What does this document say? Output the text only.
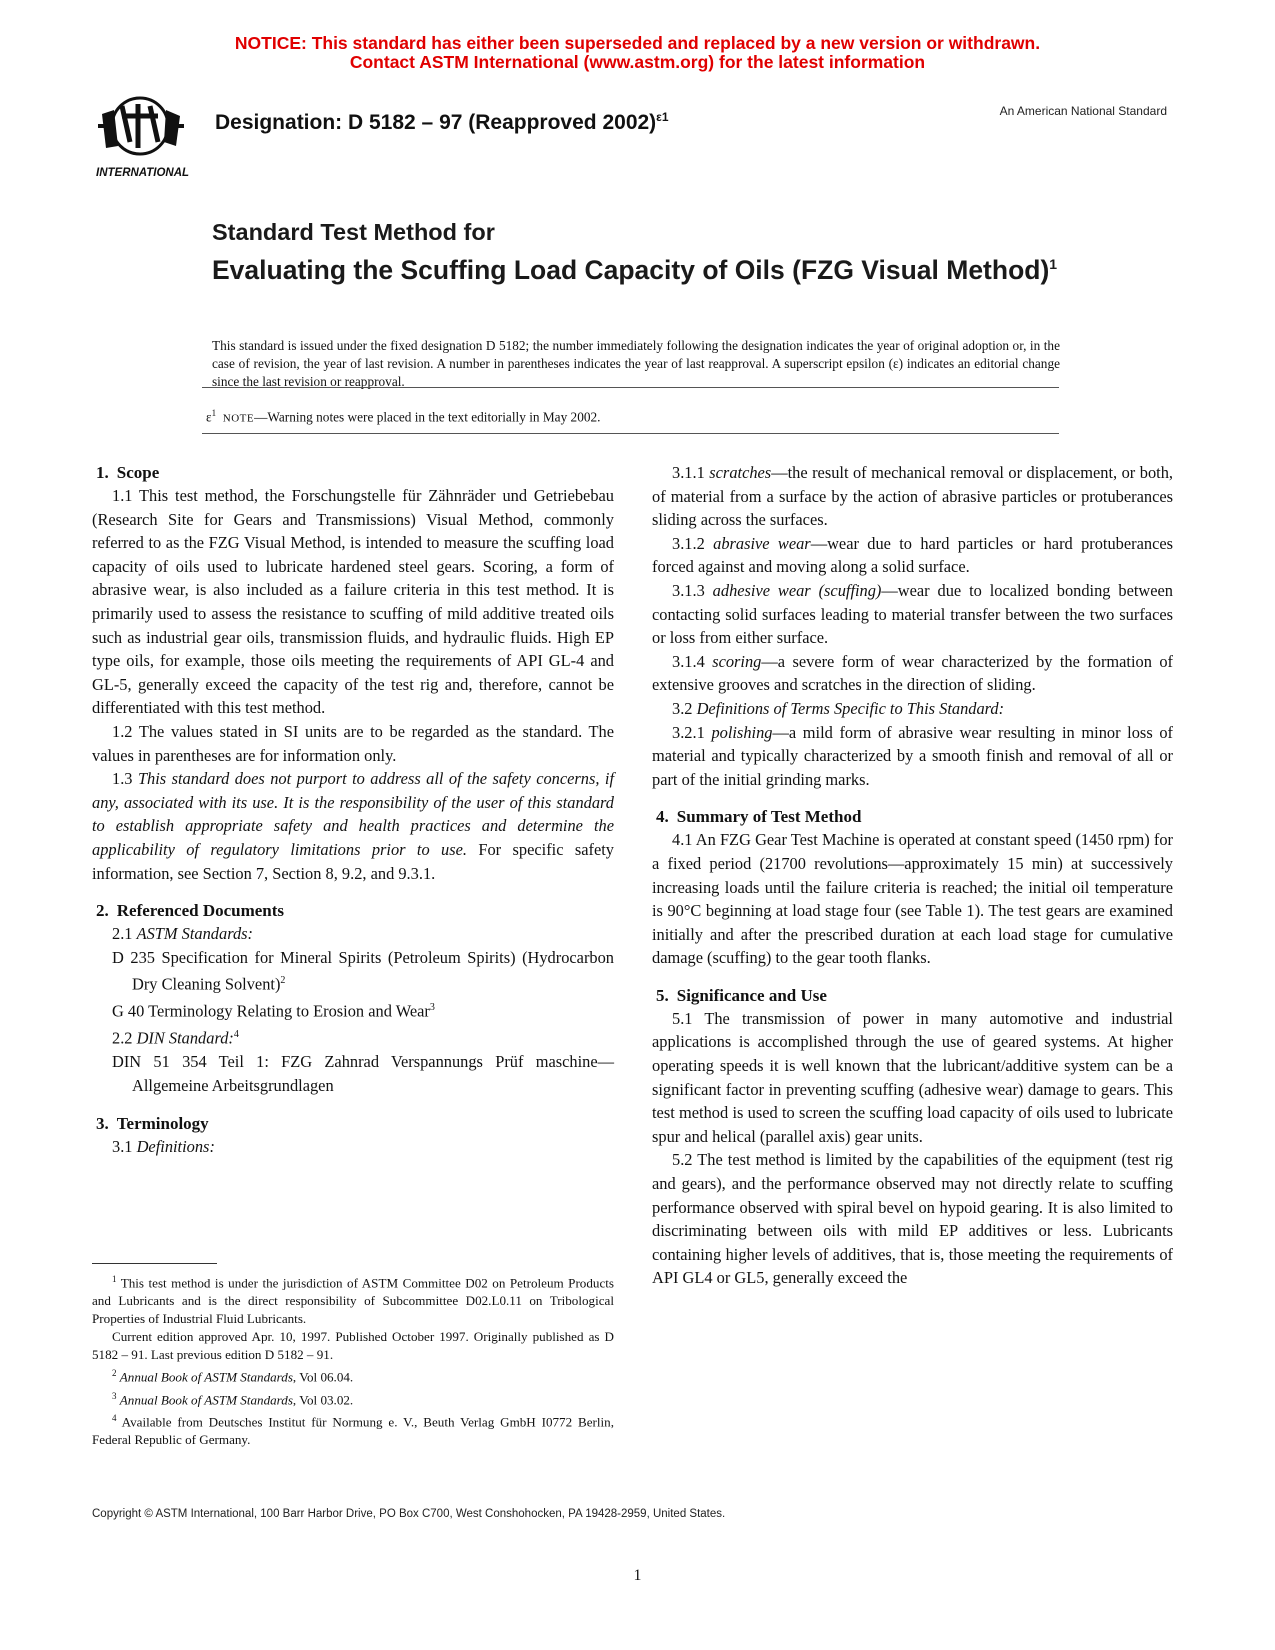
NOTICE: This standard has either been superseded and replaced by a new version or withdrawn.
Contact ASTM International (www.astm.org) for the latest information
INTERNATIONAL
Designation: D 5182 – 97 (Reapproved 2002)$^{\varepsilon 1}$	An American National Standard
Standard Test Method for
Evaluating the Scuffing Load Capacity of Oils (FZG Visual Method)$^1$
This standard is issued under the fixed designation D 5182; the number immediately following the designation indicates the year of original adoption or, in the case of revision, the year of last revision. A number in parentheses indicates the year of last reapproval. A superscript epsilon (ε) indicates an editorial change since the last revision or reapproval.
$\varepsilon^1$ NOTE—Warning notes were placed in the text editorially in May 2002.
1. Scope

1.1 This test method, the Forschungstelle für Zähnräder und Getriebebau (Research Site for Gears and Transmissions) Visual Method, commonly referred to as the FZG Visual Method, is intended to measure the scuffing load capacity of oils used to lubricate hardened steel gears. Scoring, a form of abrasive wear, is also included as a failure criteria in this test method. It is primarily used to assess the resistance to scuffing of mild additive treated oils such as industrial gear oils, transmission fluids, and hydraulic fluids. High EP type oils, for example, those oils meeting the requirements of API GL-4 and GL-5, generally exceed the capacity of the test rig and, therefore, cannot be differentiated with this test method.

1.2 The values stated in SI units are to be regarded as the standard. The values in parentheses are for information only.

1.3 This standard does not purport to address all of the safety concerns, if any, associated with its use. It is the responsibility of the user of this standard to establish appropriate safety and health practices and determine the applicability of regulatory limitations prior to use. For specific safety information, see Section 7, Section 8, 9.2, and 9.3.1.

2. Referenced Documents

2.1 ASTM Standards:

D 235 Specification for Mineral Spirits (Petroleum Spirits) (Hydrocarbon Dry Cleaning Solvent)$^2$

G 40 Terminology Relating to Erosion and Wear$^3$

2.2 DIN Standard:$^4$

DIN 51 354 Teil 1: FZG Zahnrad Verspannungs Prüf maschine—Allgemeine Arbeitsgrundlagen

3. Terminology

3.1 Definitions:

$^1$ This test method is under the jurisdiction of ASTM Committee D02 on Petroleum Products and Lubricants and is the direct responsibility of Subcommittee D02.L0.11 on Tribological Properties of Industrial Fluid Lubricants.

Current edition approved Apr. 10, 1997. Published October 1997. Originally published as D 5182 – 91. Last previous edition D 5182 – 91.

$^2$ Annual Book of ASTM Standards, Vol 06.04.

$^3$ Annual Book of ASTM Standards, Vol 03.02.

$^4$ Available from Deutsches Institut für Normung e. V., Beuth Verlag GmbH I0772 Berlin, Federal Republic of Germany.

3.1.1 scratches—the result of mechanical removal or displacement, or both, of material from a surface by the action of abrasive particles or protuberances sliding across the surfaces.

3.1.2 abrasive wear—wear due to hard particles or hard protuberances forced against and moving along a solid surface.

3.1.3 adhesive wear (scuffing)—wear due to localized bonding between contacting solid surfaces leading to material transfer between the two surfaces or loss from either surface.

3.1.4 scoring—a severe form of wear characterized by the formation of extensive grooves and scratches in the direction of sliding.

3.2 Definitions of Terms Specific to This Standard:

3.2.1 polishing—a mild form of abrasive wear resulting in minor loss of material and typically characterized by a smooth finish and removal of all or part of the initial grinding marks.

4. Summary of Test Method

4.1 An FZG Gear Test Machine is operated at constant speed (1450 rpm) for a fixed period (21700 revolutions—approximately 15 min) at successively increasing loads until the failure criteria is reached; the initial oil temperature is 90°C beginning at load stage four (see Table 1). The test gears are examined initially and after the prescribed duration at each load stage for cumulative damage (scuffing) to the gear tooth flanks.

5. Significance and Use

5.1 The transmission of power in many automotive and industrial applications is accomplished through the use of geared systems. At higher operating speeds it is well known that the lubricant/additive system can be a significant factor in preventing scuffing (adhesive wear) damage to gears. This test method is used to screen the scuffing load capacity of oils used to lubricate spur and helical (parallel axis) gear units.

5.2 The test method is limited by the capabilities of the equipment (test rig and gears), and the performance observed may not directly relate to scuffing performance observed with spiral bevel on hypoid gearing. It is also limited to discriminating between oils with mild EP additives or less. Lubricants containing higher levels of additives, that is, those meeting the requirements of API GL4 or GL5, generally exceed the

Copyright © ASTM International, 100 Barr Harbor Drive, PO Box C700, West Conshohocken, PA 19428-2959, United States.
1
